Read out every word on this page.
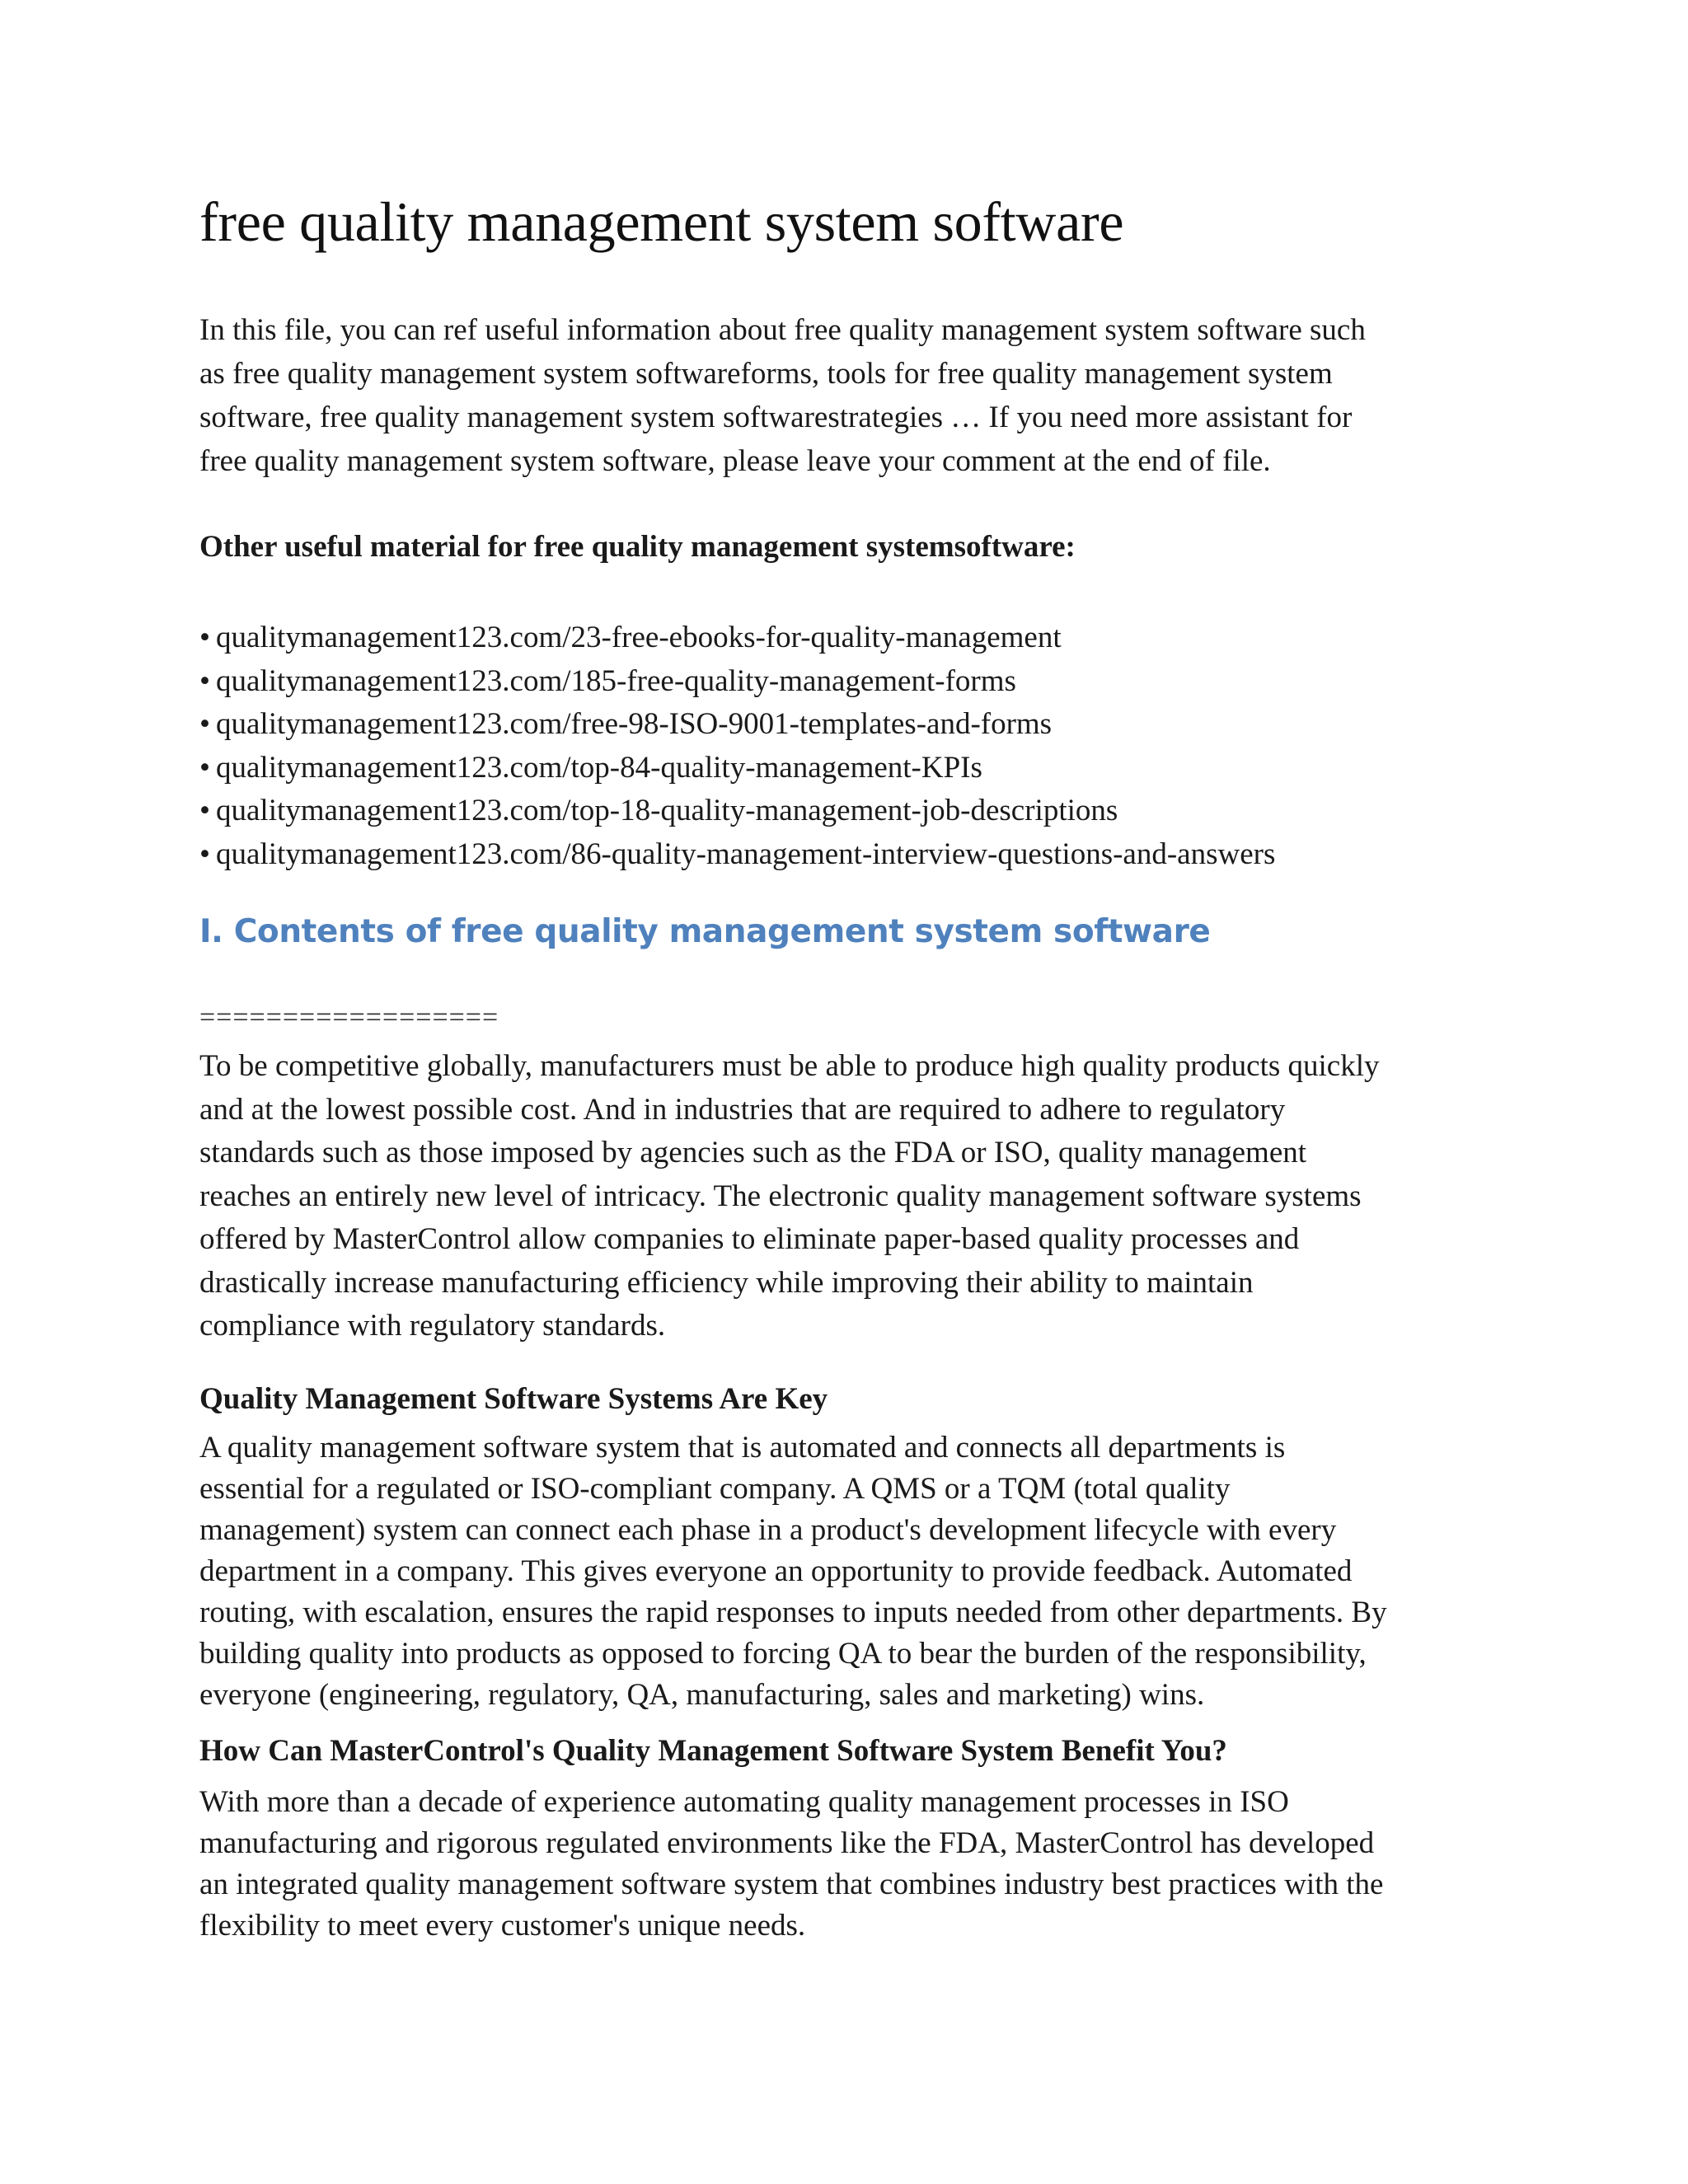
free quality management system software

In this file, you can ref useful information about free quality management system software such
as free quality management system softwareforms, tools for free quality management system
software, free quality management system softwarestrategies … If you need more assistant for
free quality management system software, please leave your comment at the end of file.

Other useful material for free quality management systemsoftware:
• qualitymanagement123.com/23-free-ebooks-for-quality-management
• qualitymanagement123.com/185-free-quality-management-forms
• qualitymanagement123.com/free-98-ISO-9001-templates-and-forms
• qualitymanagement123.com/top-84-quality-management-KPIs
• qualitymanagement123.com/top-18-quality-management-job-descriptions
• qualitymanagement123.com/86-quality-management-interview-questions-and-answers
I. Contents of free quality management system software
==================

To be competitive globally, manufacturers must be able to produce high quality products quickly
and at the lowest possible cost. And in industries that are required to adhere to regulatory
standards such as those imposed by agencies such as the FDA or ISO, quality management
reaches an entirely new level of intricacy. The electronic quality management software systems
offered by MasterControl allow companies to eliminate paper-based quality processes and
drastically increase manufacturing efficiency while improving their ability to maintain
compliance with regulatory standards.

Quality Management Software Systems Are Key

A quality management software system that is automated and connects all departments is
essential for a regulated or ISO-compliant company. A QMS or a TQM (total quality
management) system can connect each phase in a product's development lifecycle with every
department in a company. This gives everyone an opportunity to provide feedback. Automated
routing, with escalation, ensures the rapid responses to inputs needed from other departments. By
building quality into products as opposed to forcing QA to bear the burden of the responsibility,
everyone (engineering, regulatory, QA, manufacturing, sales and marketing) wins.

How Can MasterControl's Quality Management Software System Benefit You?

With more than a decade of experience automating quality management processes in ISO
manufacturing and rigorous regulated environments like the FDA, MasterControl has developed
an integrated quality management software system that combines industry best practices with the
flexibility to meet every customer's unique needs.
